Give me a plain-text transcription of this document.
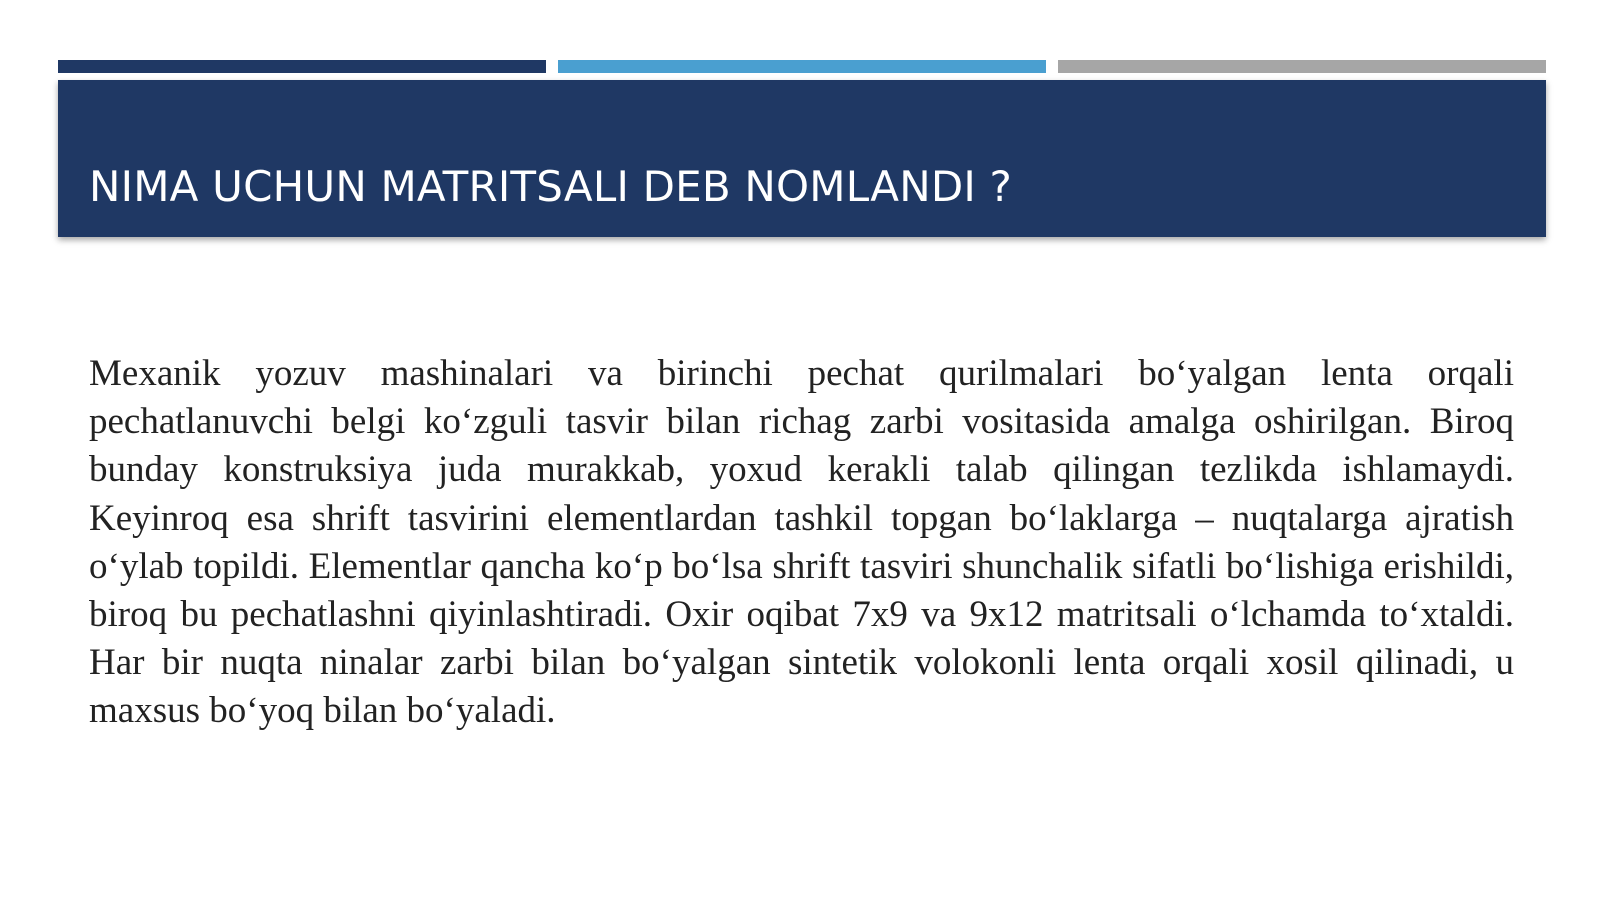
NIMA UCHUN MATRITSALI DEB NOMLANDI ?

Mexanik yozuv mashinalari va birinchi pechat qurilmalari bo‘yalgan lenta orqali pechatlanuvchi belgi ko‘zguli tasvir bilan richag zarbi vositasida amalga oshirilgan. Biroq bunday konstruksiya juda murakkab, yoxud kerakli talab qilingan tezlikda ishlamaydi. Keyinroq esa shrift tasvirini elementlardan tashkil topgan bo‘laklarga – nuqtalarga ajratish o‘ylab topildi. Elementlar qancha ko‘p bo‘lsa shrift tasviri shunchalik sifatli bo‘lishiga erishildi, biroq bu pechatlashni qiyinlashtiradi. Oxir oqibat 7x9 va 9x12 matritsali o‘lchamda to‘xtaldi. Har bir nuqta ninalar zarbi bilan bo‘yalgan sintetik volokonli lenta orqali xosil qilinadi, u maxsus bo‘yoq bilan bo‘yaladi.
